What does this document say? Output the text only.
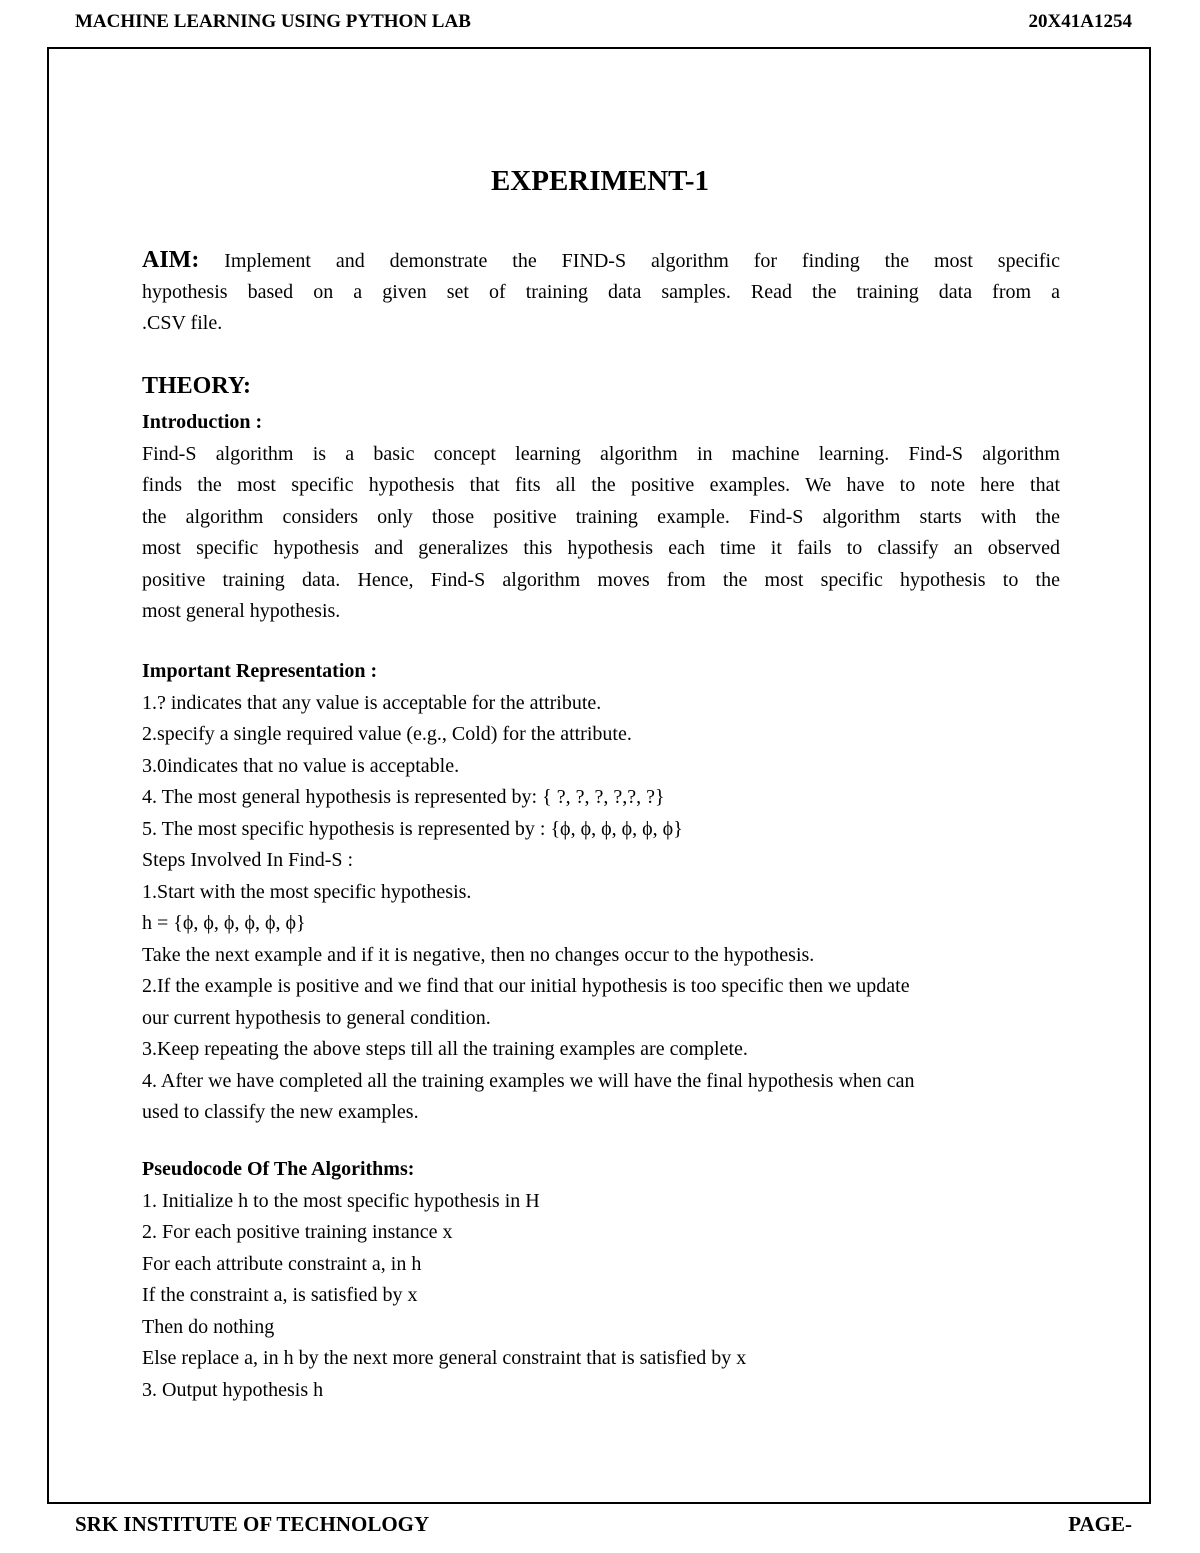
MACHINE LEARNING USING PYTHON LAB	20X41A1254
EXPERIMENT-1
AIM: Implement and demonstrate the FIND-S algorithm for finding the most specific
hypothesis based on a given set of training data samples. Read the training data from a
.CSV file.
THEORY:
Introduction :
Find-S algorithm is a basic concept learning algorithm in machine learning. Find-S algorithm
finds the most specific hypothesis that fits all the positive examples. We have to note here that
the algorithm considers only those positive training example. Find-S algorithm starts with the
most specific hypothesis and generalizes this hypothesis each time it fails to classify an observed
positive training data. Hence, Find-S algorithm moves from the most specific hypothesis to the
most general hypothesis.
Important Representation :
1.? indicates that any value is acceptable for the attribute.
2.specify a single required value (e.g., Cold) for the attribute.
3.0indicates that no value is acceptable.
4. The most general hypothesis is represented by: { ?, ?, ?, ?,?, ?}
5. The most specific hypothesis is represented by : {ϕ, ϕ, ϕ, ϕ, ϕ, ϕ}
Steps Involved In Find-S :
1.Start with the most specific hypothesis.
h = {ϕ, ϕ, ϕ, ϕ, ϕ, ϕ}
Take the next example and if it is negative, then no changes occur to the hypothesis.
2.If the example is positive and we find that our initial hypothesis is too specific then we update
our current hypothesis to general condition.
3.Keep repeating the above steps till all the training examples are complete.
4. After we have completed all the training examples we will have the final hypothesis when can
used to classify the new examples.
Pseudocode Of The Algorithms:
1. Initialize h to the most specific hypothesis in H
2. For each positive training instance x
For each attribute constraint a, in h
If the constraint a, is satisfied by x
Then do nothing
Else replace a, in h by the next more general constraint that is satisfied by x
3. Output hypothesis h
SRK INSTITUTE OF TECHNOLOGY	PAGE-
